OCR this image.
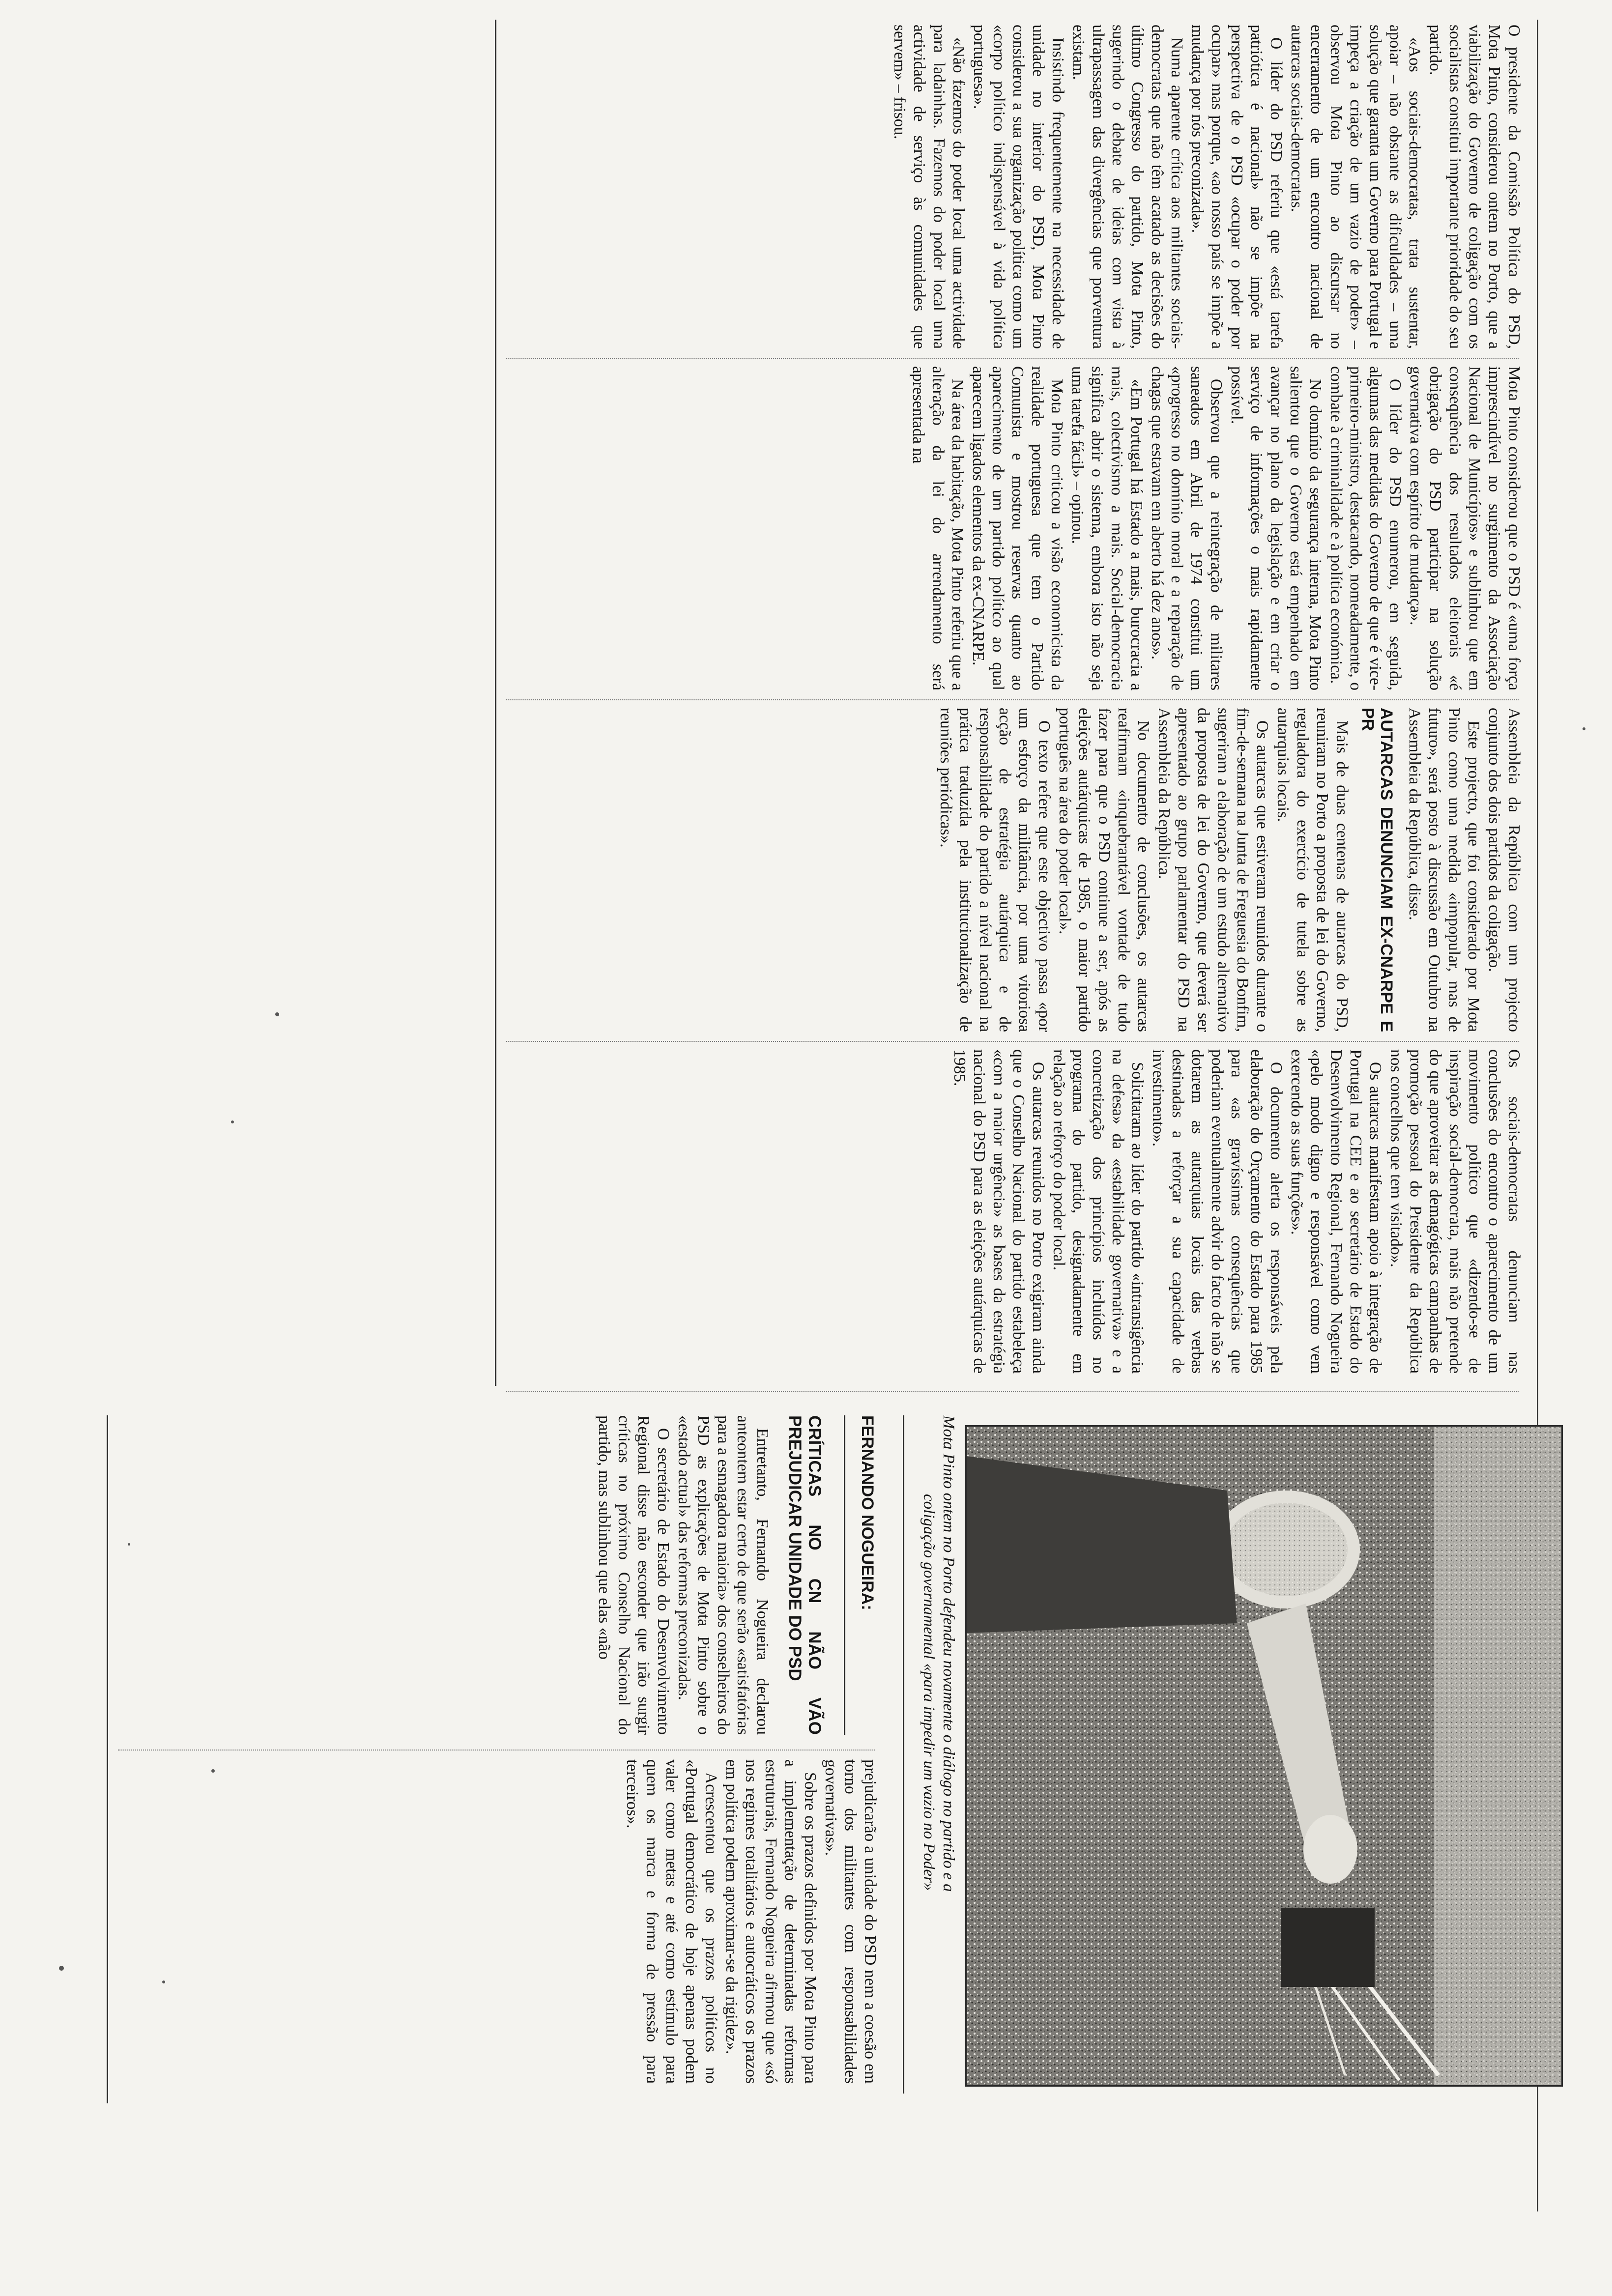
O presidente da Comissão Política do PSD, Mota Pinto, considerou ontem no Porto, que a viabilização do Governo de coligação com os socialistas constitui importante prioridade do seu partido.

«Aos sociais-democratas, trata sustentar, apoiar – não obstante as dificuldades – uma solução que garanta um Governo para Portugal e impeça a criação de um vazio de poder» – observou Mota Pinto ao discursar no encerramento de um encontro nacional de autarcas sociais-democratas.

O líder do PSD referiu que «está tarefa patriótica é nacional» não se impõe na perspectiva de o PSD «ocupar o poder por ocupar» mas porque, «ao nosso país se impõe a mudança por nós preconizada».

Numa aparente crítica aos militantes sociais-democratas que não têm acatado as decisões do último Congresso do partido, Mota Pinto, sugerindo o debate de ideias com vista à ultrapassagem das divergências que porventura existam.

Insistindo frequentemente na necessidade de unidade no interior do PSD, Mota Pinto considerou a sua organização política como um «corpo político indispensável à vida política portuguesa».

«Não fazemos do poder local uma actividade para ladainhas. Fazemos do poder local uma actividade de serviço às comunidades que servem» – frisou.

Mota Pinto considerou que o PSD é «uma força imprescindível no surgimento da Associação Nacional de Municípios» e sublinhou que em consequência dos resultados eleitorais «é obrigação do PSD participar na solução governativa com espírito de mudança».

O líder do PSD enumerou, em seguida, algumas das medidas do Governo de que é vice-primeiro-ministro, destacando, nomeadamente, o combate à criminalidade e à política económica.

No domínio da segurança interna, Mota Pinto salientou que o Governo está empenhado em avançar no plano da legislação e em criar o serviço de informações o mais rapidamente possível.

Observou que a reintegração de militares saneados em Abril de 1974 constitui um «progresso no domínio moral e a reparação de chagas que estavam em aberto há dez anos».

«Em Portugal há Estado a mais, burocracia a mais, colectivismo a mais. Social-democracia significa abrir o sistema, embora isto não seja uma tarefa fácil» – opinou.

Mota Pinto criticou a visão economicista da realidade portuguesa que tem o Partido Comunista e mostrou reservas quanto ao aparecimento de um partido político ao qual aparecem ligados elementos da ex-CNARPE.

Na área da habitação, Mota Pinto referiu que a alteração da lei do arrendamento será apresentada na

Assembleia da República com um projecto conjunto dos dois partidos da coligação.

Este projecto, que foi considerado por Mota Pinto como uma medida «impopular, mas de futuro», será posto à discussão em Outubro na Assembleia da República, disse.

AUTARCAS DENUNCIAM EX-CNARPE E PR

Mais de duas centenas de autarcas do PSD, reuniram no Porto a proposta de lei do Governo, reguladora do exercício de tutela sobre as autarquias locais.

Os autarcas que estiveram reunidos durante o fim-de-semana na Junta de Freguesia do Bonfim, sugeriram a elaboração de um estudo alternativo da proposta de lei do Governo, que deverá ser apresentado ao grupo parlamentar do PSD na Assembleia da República.

No documento de conclusões, os autarcas reafirmam «inquebrantável vontade de tudo fazer para que o PSD continue a ser, após as eleições autárquicas de 1985, o maior partido português na área do poder local».

O texto refere que este objectivo passa «por um esforço da militância, por uma vitoriosa acção de estratégia autárquica e de responsabilidade do partido a nível nacional na prática traduzida pela institucionalização de reuniões periódicas».

Os sociais-democratas denunciam nas conclusões do encontro o aparecimento de um movimento político que «dizendo-se de inspiração social-democrata, mais não pretende do que aproveitar as demagógicas campanhas de promoção pessoal do Presidente da República nos concelhos que tem visitado».

Os autarcas manifestam apoio à integração de Portugal na CEE e ao secretário de Estado do Desenvolvimento Regional, Fernando Nogueira «pelo modo digno e responsável como vem exercendo as suas funções».

O documento alerta os responsáveis pela elaboração do Orçamento do Estado para 1985 para «as gravíssimas consequências que poderiam eventualmente advir do facto de não se dotarem as autarquias locais das verbas destinadas a reforçar a sua capacidade de investimento».

Solicitaram ao líder do partido «intransigência na defesa» da «estabilidade governativa» e a concretização dos princípios incluídos no programa do partido, designadamente em relação ao reforço do poder local.

Os autarcas reunidos no Porto exigiram ainda que o Conselho Nacional do partido estabeleça «com a maior urgência» as bases da estratégia nacional do PSD para as eleições autárquicas de 1985.

Mota Pinto ontem no Porto defendeu novamente o diálogo no partido e a
coligação governamental «para impedir um vazio no Poder»
FERNANDO NOGUEIRA:
CRÍTICAS NO CN NÃO VÃO PREJUDICAR UNIDADE DO PSD

Entretanto, Fernando Nogueira declarou anteontem estar certo de que serão «satisfatórias para a esmagadora maioria» dos conselheiros do PSD as explicações de Mota Pinto sobre o «estado actual» das reformas preconizadas.

O secretário de Estado do Desenvolvimento Regional disse não esconder que irão surgir críticas no próximo Conselho Nacional do partido, mas sublinhou que elas «não

prejudicarão a unidade do PSD nem a coesão em torno dos militantes com responsabilidades governativas».

Sobre os prazos definidos por Mota Pinto para a implementação de determinadas reformas estruturais, Fernando Nogueira afirmou que «só nos regimes totalitários e autocráticos os prazos em política podem aproximar-se da rigidez».

Acrescentou que os prazos políticos no «Portugal democrático de hoje apenas podem valer como metas e até como estímulo para quem os marca e forma de pressão para terceiros».
